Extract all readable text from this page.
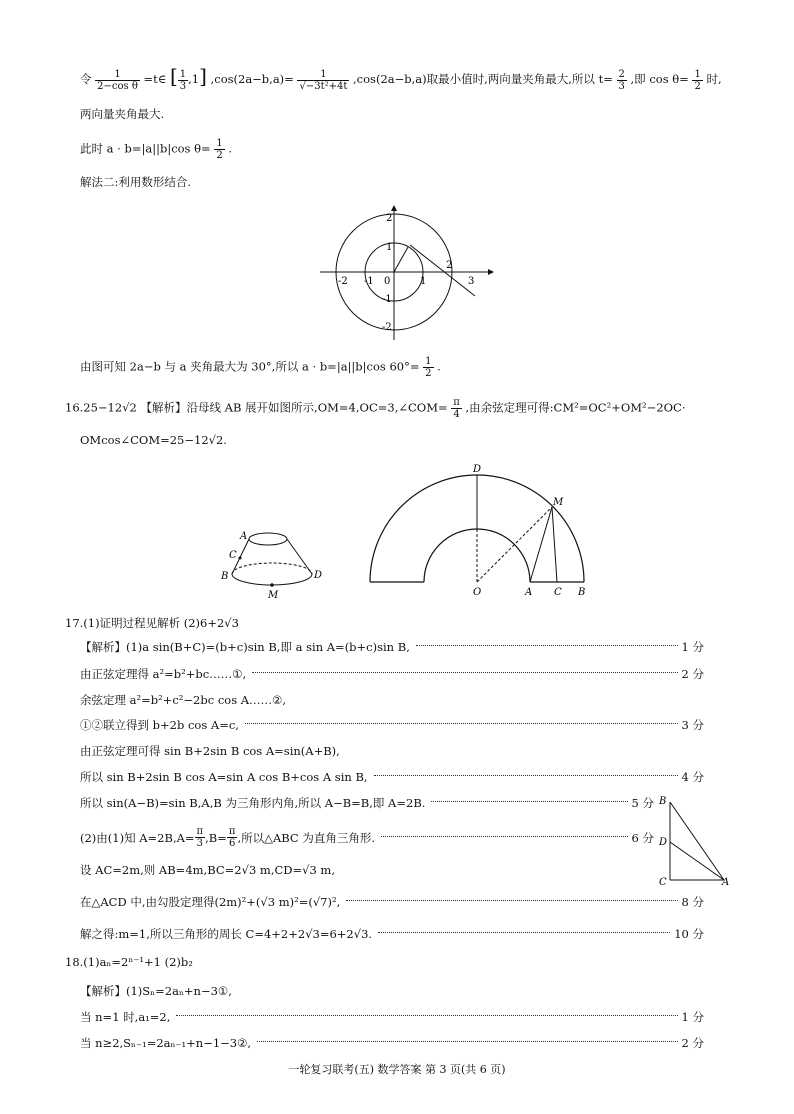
令 $\frac{1}{\text{2−cos θ}}$ =t∈ [ $\frac{1}{3} ,1$] $,\cos(2a-b,a)= \frac{1}{\text{√−3t²+4t}} ,\cos(2a-b,a)$取最小值时,两向量夹角最大,所以 $t= \frac{2}{3}$ ,即 $\cos \theta= \frac{1}{2}$ 时,
两向量夹角最大.
此时 a · b=|a||b|cos $\theta= \frac{1}{2}$ .
解法二:利用数形结合.
-2 -1 0	1
2
3
2
1
-1
-2
由图可知 2a−b 与 a 夹角最大为 30°,所以 a · b=|a||b|cos $60^\circ= \frac{1}{2}$ .
16.25−12√2 【解析】沿母线 AB 展开如图所示,OM=4,OC=3,∠COM= $\frac{\pi}{4}$ ,由余弦定理可得:CM²=OC²+OM²−2OC·
OMcos∠COM=25−12√2.
A
C
B	D
M
D
M
O	A C B
17.(1)证明过程见解析 (2)6+2√3
【解析】(1)a sin(B+C)=(b+c)sin B,即 a sin A=(b+c)sin B,	1 分
由正弦定理得 a²=b²+bc……①,	2 分
余弦定理 a²=b²+c²−2bc cos A……②,
①②联立得到 b+2b cos A=c,	3 分
由正弦定理可得 sin B+2sin B cos A=sin(A+B),
所以 sin B+2sin B cos A=sin A cos B+cos A sin B,	4 分
所以 sin(A−B)=sin B,A,B 为三角形内角,所以 A−B=B,即 A=2B.	5 分
(2)由(1)知 $A=2B,A= \frac{\pi}{3} ,B= \frac{\pi}{6}$ ,所以△ABC 为直角三角形.	6 分
设 AC=2m,则 AB=4m,BC=2√3 m,CD=√3 m,
在△ACD 中,由勾股定理得(2m)²+(√3 m)²=(√7)²,	8 分
解之得:m=1,所以三角形的周长 C=4+2+2√3=6+2√3.	10 分
B
D
C	A
18.(1)aₙ=2ⁿ⁻¹+1 (2)b₂
【解析】(1)Sₙ=2aₙ+n−3①,
当 n=1 时,a₁=2,	1 分
当 n≥2,Sₙ₋₁=2aₙ₋₁+n−1−3②,	2 分
一轮复习联考(五) 数学答案 第 3 页(共 6 页)
